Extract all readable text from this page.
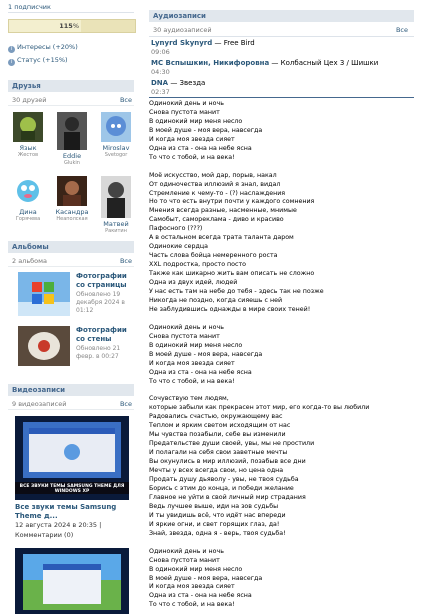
1 подписчик
115%
i Интересы (+20%)
i Статус (+15%)
Друзья
30 друзей	Все
Язык
Жестов	Eddie
Glukin
Miroslav
Svetogor
Дина
Горячева
Касандра
Неаполская
Матвей
Ракитин
Альбомы
2 альбома	Все
Фотографии со страницы
Обновлено 19 декабря 2024 в 01:12
Фотографии со стены
Обновлено 21 февр. в 00:27
Видеозаписи
9 видеозаписей	Все
ВСЕ ЗВУКИ ТЕМЫ SAMSUNG THEME ДЛЯ WINDOWS XP
Все звуки темы Samsung Theme д...
12 августа 2024 в 20:35 |
Комментарии (0)
Аудиозаписи
30 аудиозаписей	Все
Lynyrd Skynyrd — Free Bird
09:06
МС Вспышкин, Никифоровна — Колбасный Цех 3 / Шишки
04:30
DNA — Звезда
02:37
Одинокий день и ночь
Снова пустота манит
В одинокий мир меня несло
В моей душе - моя вера, навсегда
И когда моя звезда сияет
Одна из ста - она на небе ясна
То что с тобой, и на века!

Моё искусство, мой дар, порыв, накал
От одиночества иллюзий я знал, видал
Стремление к чему-то - (?) наслаждения
Но то что есть внутри почти у каждого сомнения
Мнения всегда разные, насменные, мнимые
Самобыт, самореклама - диво и красиво
Пафосного (???)
А в остальном всегда трата таланта даром
Одинокие сердца
Часть слова бойца немеренного роста
XXL подростка, просто посто
Также как шикарно жить вам описать не сложно
Одна из двух идей, людей
У нас есть там на небе до тебя - здесь так не позже
Никогда не поздно, когда сияешь с ней
Не заблудившись однажды в мире своих теней!

Одинокий день и ночь
Снова пустота манит
В одинокий мир меня несло
В моей душе - моя вера, навсегда
И когда моя звезда сияет
Одна из ста - она на небе ясна
То что с тобой, и на века!

Сочувствую тем людям,
которые забыли как прекрасен этот мир, его когда-то вы любили
Радовались счастью, окружающему вас
Теплом и ярким светом исходящим от нас
Мы чувства позабыли, себе вы изменили
Предательстве души своей, увы, мы не простили
И полагали на себя свои заветные мечты
Вы окунулись в мир иллюзий, позабыв все дни
Мечты у всех всегда свои, но цена одна
Продать душу дьяволу - увы, не твоя судьба
Борись с этим до конца, и победи желание
Главное не уйти в свой личный мир страдания
Ведь лучшее выше, иди на зов судьбы
И ты увидишь всё, что идёт нас впереди
И яркие огни, и свет горящих глаз, да!
Знай, звезда, одна я - верь, твоя судьба!

Одинокий день и ночь
Снова пустота манит
В одинокий мир меня несло
В моей душе - моя вера, навсегда
И когда моя звезда сияет
Одна из ста - она на небе ясна
То что с тобой, и на века!
